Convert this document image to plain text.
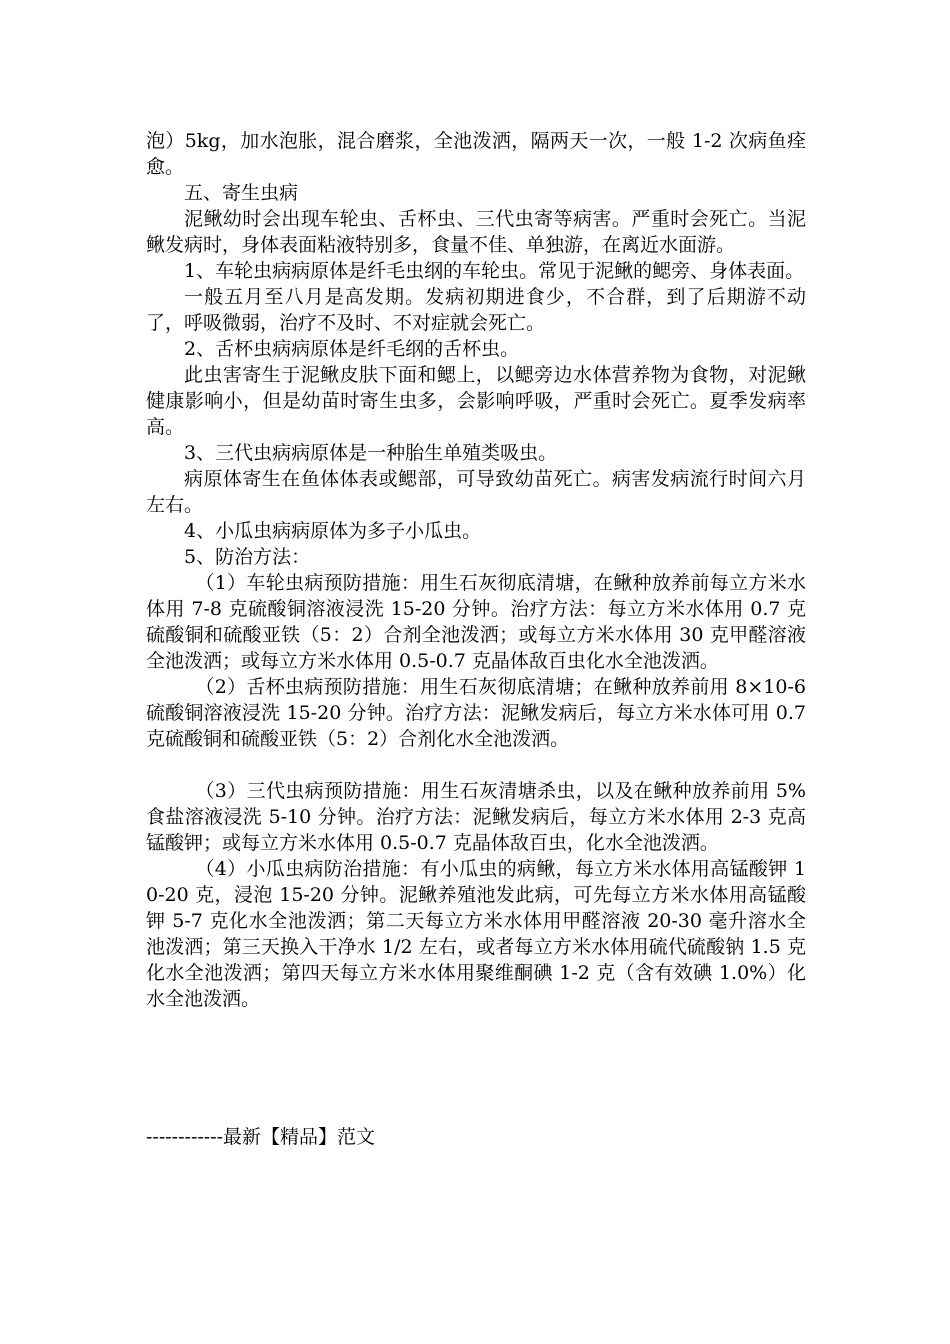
泡）5kg，加水泡胀，混合磨浆，全池泼洒，隔两天一次，一般 1-2 次病鱼痊愈。

五、寄生虫病

泥鳅幼时会出现车轮虫、舌杯虫、三代虫寄等病害。严重时会死亡。当泥鳅发病时，身体表面粘液特别多，食量不佳、单独游，在离近水面游。

1、车轮虫病病原体是纤毛虫纲的车轮虫。常见于泥鳅的鳃旁、身体表面。

一般五月至八月是高发期。发病初期进食少，不合群，到了后期游不动了，呼吸微弱，治疗不及时、不对症就会死亡。

2、舌杯虫病病原体是纤毛纲的舌杯虫。

此虫害寄生于泥鳅皮肤下面和鳃上，以鳃旁边水体营养物为食物，对泥鳅健康影响小，但是幼苗时寄生虫多，会影响呼吸，严重时会死亡。夏季发病率高。

3、三代虫病病原体是一种胎生单殖类吸虫。

病原体寄生在鱼体体表或鳃部，可导致幼苗死亡。病害发病流行时间六月左右。

4、小瓜虫病病原体为多子小瓜虫。

5、防治方法：

（1）车轮虫病预防措施：用生石灰彻底清塘，在鳅种放养前每立方米水体用 7-8 克硫酸铜溶液浸洗 15-20 分钟。治疗方法：每立方米水体用 0.7 克硫酸铜和硫酸亚铁（5：2）合剂全池泼洒；或每立方米水体用 30 克甲醛溶液全池泼洒；或每立方米水体用 0.5-0.7 克晶体敌百虫化水全池泼洒。

（2）舌杯虫病预防措施：用生石灰彻底清塘；在鳅种放养前用 8×10-6 硫酸铜溶液浸洗 15-20 分钟。治疗方法：泥鳅发病后，每立方米水体可用 0.7 克硫酸铜和硫酸亚铁（5：2）合剂化水全池泼洒。

（3）三代虫病预防措施：用生石灰清塘杀虫，以及在鳅种放养前用 5%食盐溶液浸洗 5-10 分钟。治疗方法：泥鳅发病后，每立方米水体用 2-3 克高锰酸钾；或每立方米水体用 0.5-0.7 克晶体敌百虫，化水全池泼洒。

（4）小瓜虫病防治措施：有小瓜虫的病鳅，每立方米水体用高锰酸钾 10-20 克，浸泡 15-20 分钟。泥鳅养殖池发此病，可先每立方米水体用高锰酸钾 5-7 克化水全池泼洒；第二天每立方米水体用甲醛溶液 20-30 毫升溶水全池泼洒；第三天换入干净水 1/2 左右，或者每立方米水体用硫代硫酸钠 1.5 克化水全池泼洒；第四天每立方米水体用聚维酮碘 1-2 克（含有效碘 1.0%）化水全池泼洒。

------------最新【精品】范文
